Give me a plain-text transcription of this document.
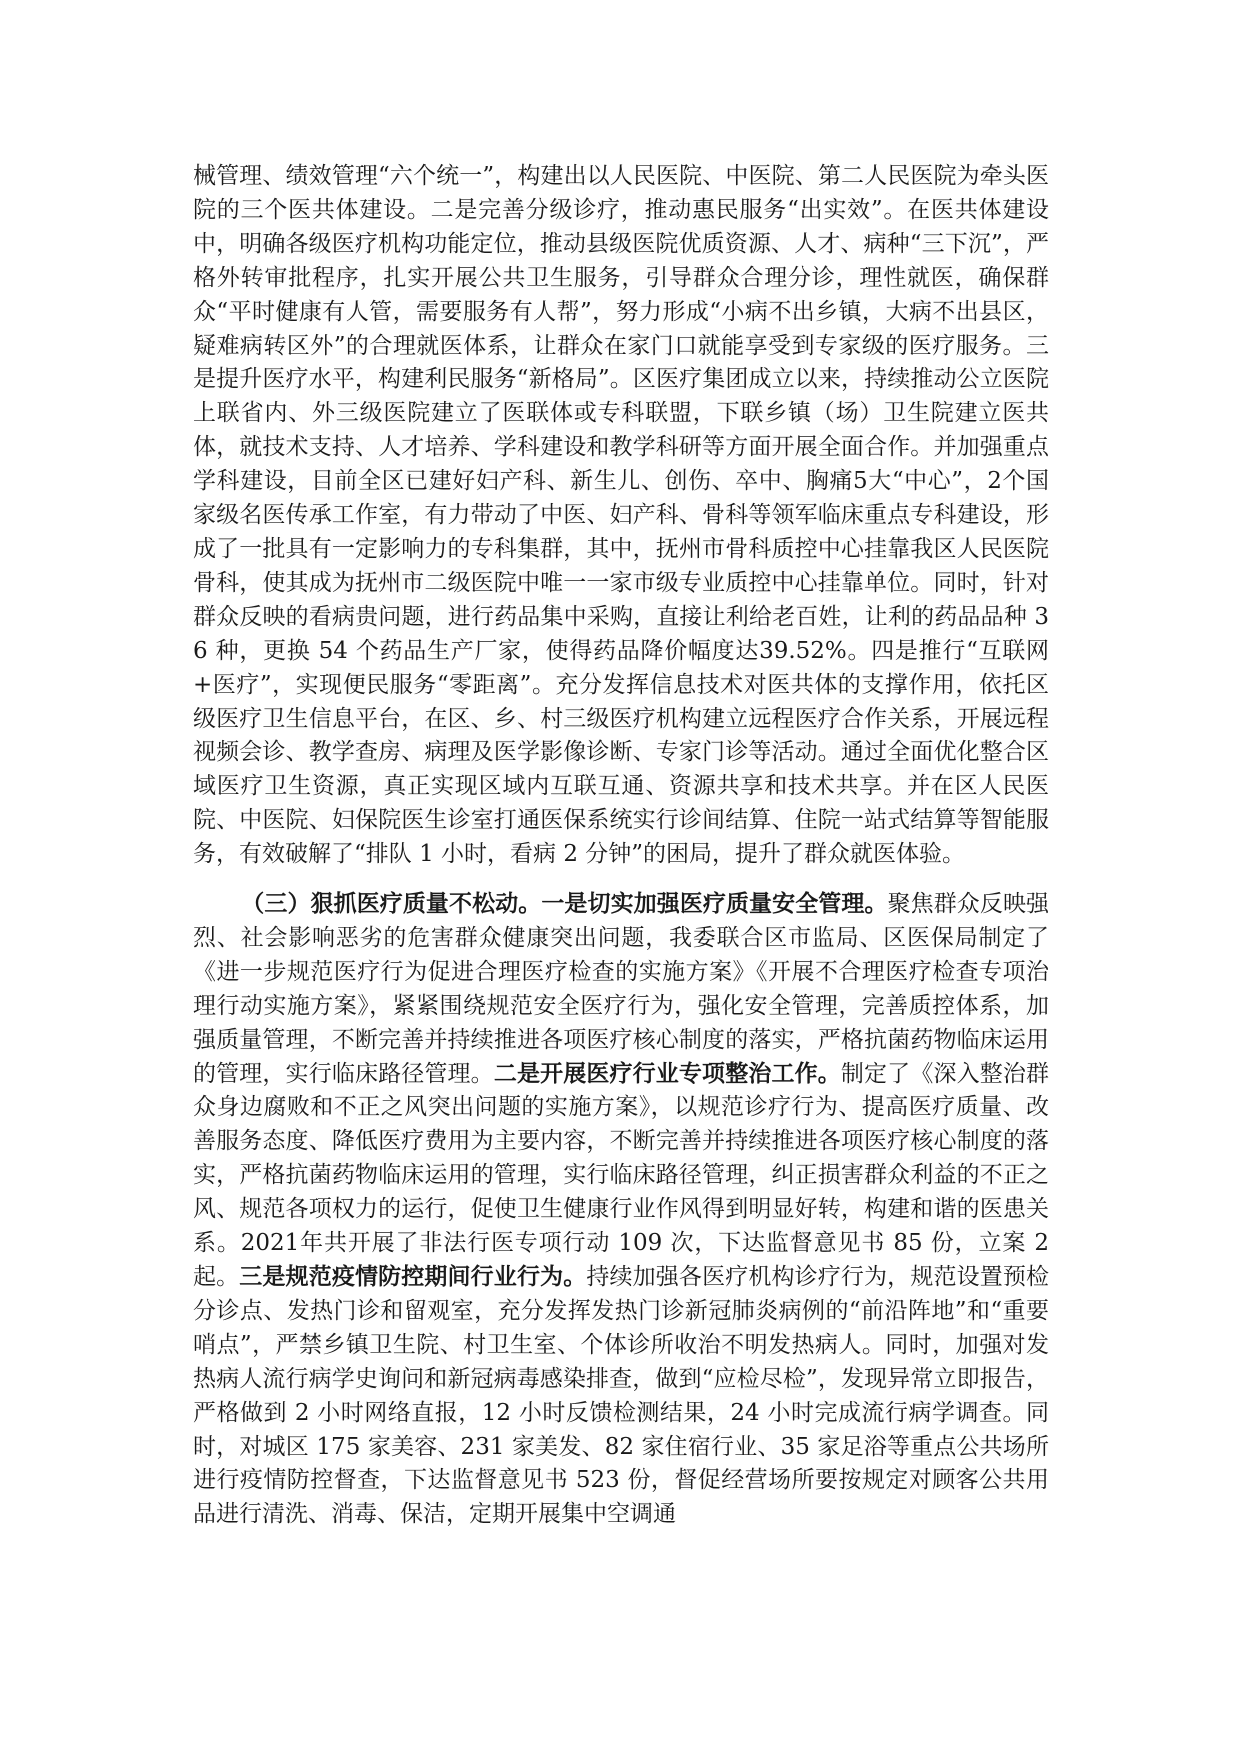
械管理、绩效管理“六个统一”，构建出以人民医院、中医院、第二人民医院为牵头医院的三个医共体建设。二是完善分级诊疗，推动惠民服务“出实效”。在医共体建设中，明确各级医疗机构功能定位，推动县级医院优质资源、人才、病种“三下沉”，严格外转审批程序，扎实开展公共卫生服务，引导群众合理分诊，理性就医，确保群众“平时健康有人管，需要服务有人帮”，努力形成“小病不出乡镇，大病不出县区，疑难病转区外”的合理就医体系，让群众在家门口就能享受到专家级的医疗服务。三是提升医疗水平，构建利民服务“新格局”。区医疗集团成立以来，持续推动公立医院上联省内、外三级医院建立了医联体或专科联盟，下联乡镇（场）卫生院建立医共体，就技术支持、人才培养、学科建设和教学科研等方面开展全面合作。并加强重点学科建设，目前全区已建好妇产科、新生儿、创伤、卒中、胸痛5大“中心”，2个国家级名医传承工作室，有力带动了中医、妇产科、骨科等领军临床重点专科建设，形成了一批具有一定影响力的专科集群，其中，抚州市骨科质控中心挂靠我区人民医院骨科，使其成为抚州市二级医院中唯一一家市级专业质控中心挂靠单位。同时，针对群众反映的看病贵问题，进行药品集中采购，直接让利给老百姓，让利的药品品种 36 种，更换 54 个药品生产厂家，使得药品降价幅度达39.52%。四是推行“互联网+医疗”，实现便民服务“零距离”。充分发挥信息技术对医共体的支撑作用，依托区级医疗卫生信息平台，在区、乡、村三级医疗机构建立远程医疗合作关系，开展远程视频会诊、教学查房、病理及医学影像诊断、专家门诊等活动。通过全面优化整合区域医疗卫生资源，真正实现区域内互联互通、资源共享和技术共享。并在区人民医院、中医院、妇保院医生诊室打通医保系统实行诊间结算、住院一站式结算等智能服务，有效破解了“排队 1 小时，看病 2 分钟”的困局，提升了群众就医体验。

（三）狠抓医疗质量不松动。一是切实加强医疗质量安全管理。聚焦群众反映强烈、社会影响恶劣的危害群众健康突出问题，我委联合区市监局、区医保局制定了《进一步规范医疗行为促进合理医疗检查的实施方案》《开展不合理医疗检查专项治理行动实施方案》，紧紧围绕规范安全医疗行为，强化安全管理，完善质控体系，加强质量管理，不断完善并持续推进各项医疗核心制度的落实，严格抗菌药物临床运用的管理，实行临床路径管理。二是开展医疗行业专项整治工作。制定了《深入整治群众身边腐败和不正之风突出问题的实施方案》，以规范诊疗行为、提高医疗质量、改善服务态度、降低医疗费用为主要内容，不断完善并持续推进各项医疗核心制度的落实，严格抗菌药物临床运用的管理，实行临床路径管理，纠正损害群众利益的不正之风、规范各项权力的运行，促使卫生健康行业作风得到明显好转，构建和谐的医患关系。2021年共开展了非法行医专项行动 109 次，下达监督意见书 85 份，立案 2 起。三是规范疫情防控期间行业行为。持续加强各医疗机构诊疗行为，规范设置预检分诊点、发热门诊和留观室，充分发挥发热门诊新冠肺炎病例的“前沿阵地”和“重要哨点”，严禁乡镇卫生院、村卫生室、个体诊所收治不明发热病人。同时，加强对发热病人流行病学史询问和新冠病毒感染排查，做到“应检尽检”，发现异常立即报告，严格做到 2 小时网络直报，12 小时反馈检测结果，24 小时完成流行病学调查。同时，对城区 175 家美容、231 家美发、82 家住宿行业、35 家足浴等重点公共场所进行疫情防控督查，下达监督意见书 523 份，督促经营场所要按规定对顾客公共用品进行清洗、消毒、保洁，定期开展集中空调通
